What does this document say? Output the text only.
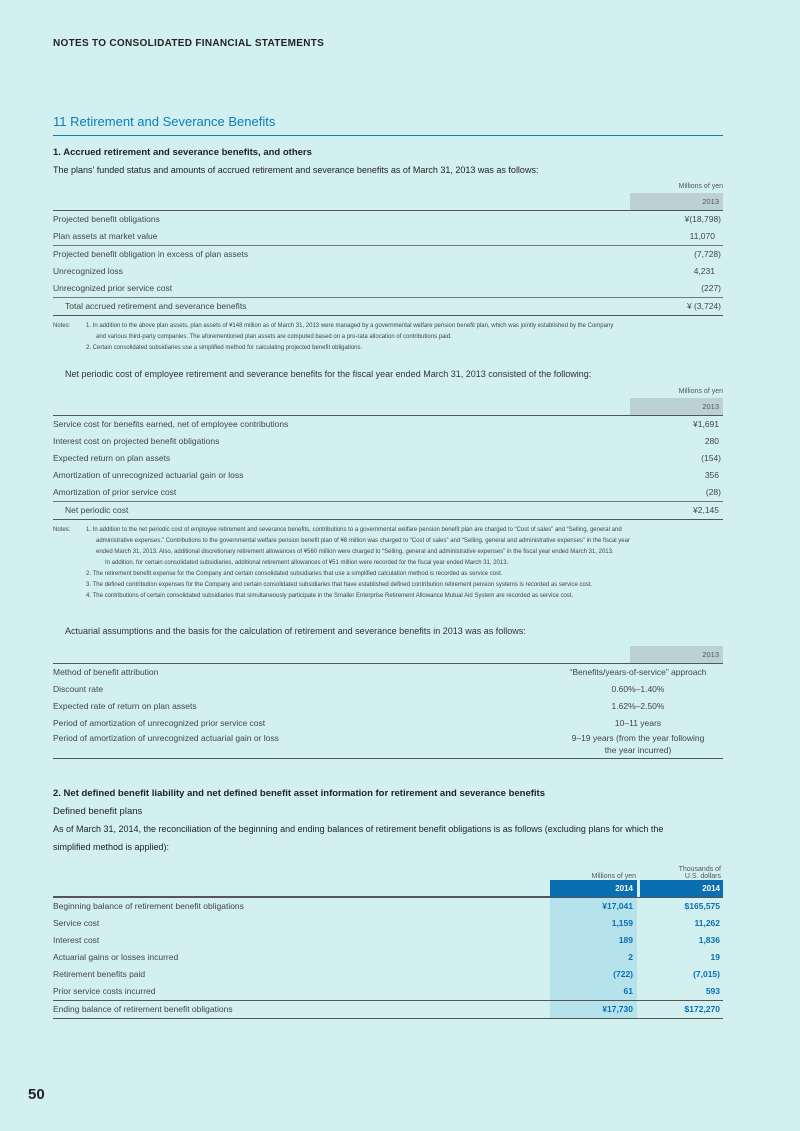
NOTES TO CONSOLIDATED FINANCIAL STATEMENTS
11 Retirement and Severance Benefits
1. Accrued retirement and severance benefits, and others
The plans’ funded status and amounts of accrued retirement and severance benefits as of March 31, 2013 was as follows:
Millions of yen
2013
Projected benefit obligations	¥(18,798)
Plan assets at market value	11,070
Projected benefit obligation in excess of plan assets	(7,728)
Unrecognized loss	4,231
Unrecognized prior service cost	(227)
Total accrued retirement and severance benefits	¥ (3,724)
Notes:	1. In addition to the above plan assets, plan assets of ¥148 million as of March 31, 2013 were managed by a governmental welfare pension benefit plan, which was jointly established by the Company
and various third-party companies. The aforementioned plan assets are computed based on a pro-rata allocation of contributions paid.
2. Certain consolidated subsidiaries use a simplified method for calculating projected benefit obligations.
Net periodic cost of employee retirement and severance benefits for the fiscal year ended March 31, 2013 consisted of the following:
Millions of yen
2013
Service cost for benefits earned, net of employee contributions	¥1,691
Interest cost on projected benefit obligations	280
Expected return on plan assets	(154)
Amortization of unrecognized actuarial gain or loss	356
Amortization of prior service cost	(28)
Net periodic cost	¥2,145
Notes:	1. In addition to the net periodic cost of employee retirement and severance benefits, contributions to a governmental welfare pension benefit plan are charged to “Cost of sales” and “Selling, general and
administrative expenses.” Contributions to the governmental welfare pension benefit plan of ¥8 million was charged to “Cost of sales” and “Selling, general and administrative expenses” in the fiscal year
ended March 31, 2013. Also, additional discretionary retirement allowances of ¥560 million were charged to “Selling, general and administrative expenses” in the fiscal year ended March 31, 2013.
In addition, for certain consolidated subsidiaries, additional retirement allowances of ¥51 million were recorded for the fiscal year ended March 31, 2013.
2. The retirement benefit expense for the Company and certain consolidated subsidiaries that use a simplified calculation method is recorded as service cost.
3. The defined contribution expenses for the Company and certain consolidated subsidiaries that have established defined contribution retirement pension systems is recorded as service cost.
4. The contributions of certain consolidated subsidiaries that simultaneously participate in the Smaller Enterprise Retirement Allowance Mutual Aid System are recorded as service cost.
Actuarial assumptions and the basis for the calculation of retirement and severance benefits in 2013 was as follows:
2013
Method of benefit attribution	“Benefits/years-of-service” approach
Discount rate	0.60%–1.40%
Expected rate of return on plan assets	1.62%–2.50%
Period of amortization of unrecognized prior service cost	10–11 years
Period of amortization of unrecognized actuarial gain or loss	9–19 years (from the year following
the year incurred)
2. Net defined benefit liability and net defined benefit asset information for retirement and severance benefits
Defined benefit plans
As of March 31, 2014, the reconciliation of the beginning and ending balances of retirement benefit obligations is as follows (excluding plans for which the
simplified method is applied):
Millions of yen
Thousands of
U.S. dollars
2014	2014
Beginning balance of retirement benefit obligations	¥17,041	$165,575
Service cost	1,159	11,262
Interest cost	189	1,836
Actuarial gains or losses incurred	2	19
Retirement benefits paid	(722)	(7,015)
Prior service costs incurred	61	593
Ending balance of retirement benefit obligations	¥17,730	$172,270
50
